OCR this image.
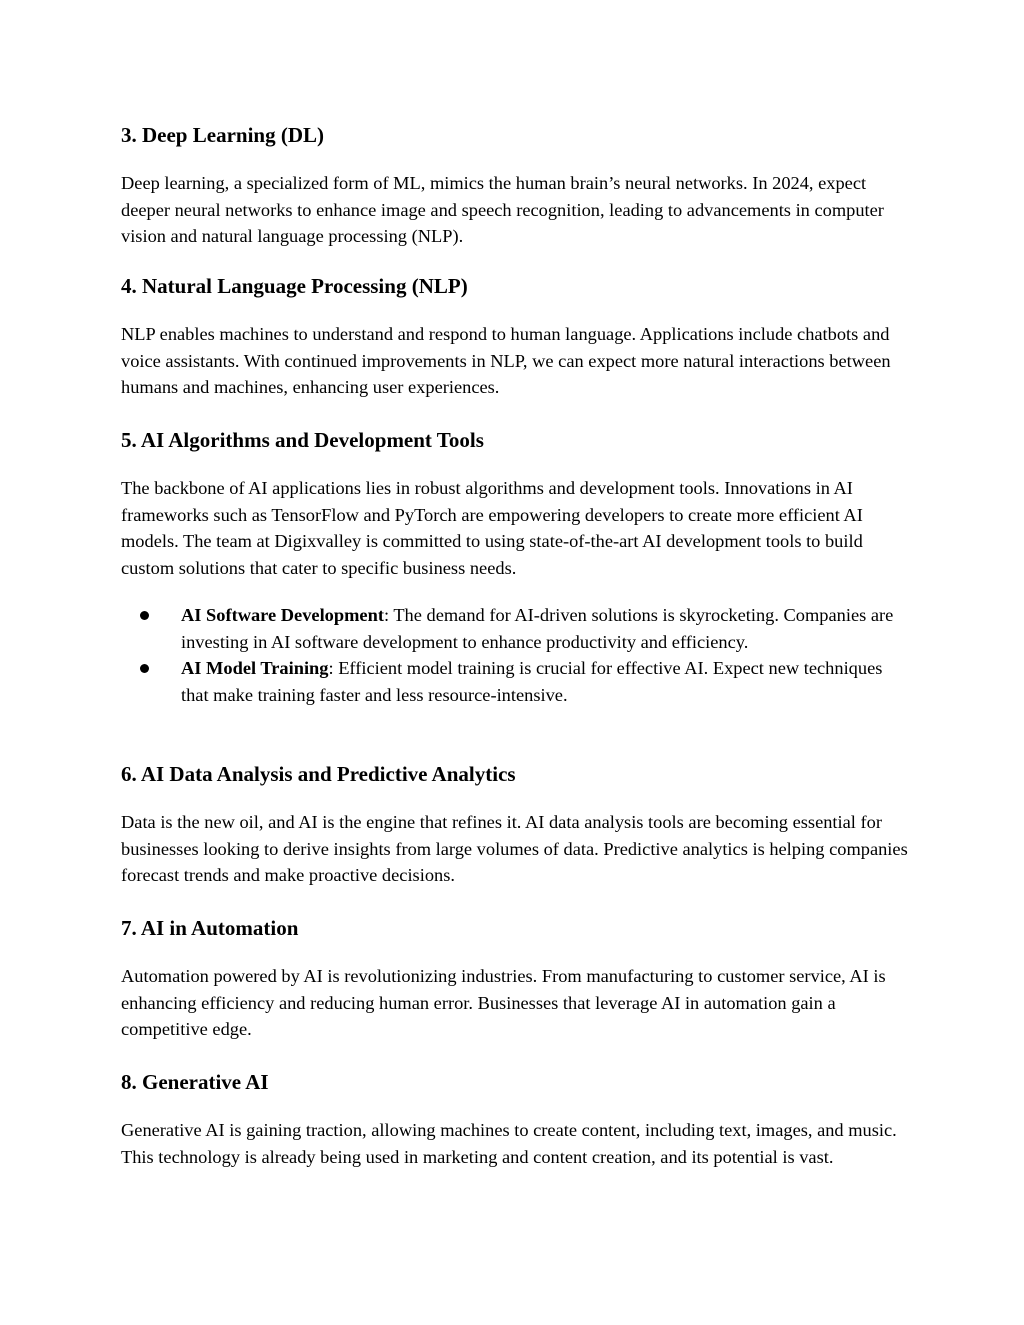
3. Deep Learning (DL)

Deep learning, a specialized form of ML, mimics the human brain’s neural networks. In 2024, expect deeper neural networks to enhance image and speech recognition, leading to advancements in computer vision and natural language processing (NLP).

4. Natural Language Processing (NLP)

NLP enables machines to understand and respond to human language. Applications include chatbots and voice assistants. With continued improvements in NLP, we can expect more natural interactions between humans and machines, enhancing user experiences.

5. AI Algorithms and Development Tools

The backbone of AI applications lies in robust algorithms and development tools. Innovations in AI frameworks such as TensorFlow and PyTorch are empowering developers to create more efficient AI models. The team at Digixvalley is committed to using state-of-the-art AI development tools to build custom solutions that cater to specific business needs.

AI Software Development: The demand for AI-driven solutions is skyrocketing. Companies are investing in AI software development to enhance productivity and efficiency.
AI Model Training: Efficient model training is crucial for effective AI. Expect new techniques that make training faster and less resource-intensive.
6. AI Data Analysis and Predictive Analytics

Data is the new oil, and AI is the engine that refines it. AI data analysis tools are becoming essential for businesses looking to derive insights from large volumes of data. Predictive analytics is helping companies forecast trends and make proactive decisions.

7. AI in Automation

Automation powered by AI is revolutionizing industries. From manufacturing to customer service, AI is enhancing efficiency and reducing human error. Businesses that leverage AI in automation gain a competitive edge.

8. Generative AI

Generative AI is gaining traction, allowing machines to create content, including text, images, and music. This technology is already being used in marketing and content creation, and its potential is vast.
